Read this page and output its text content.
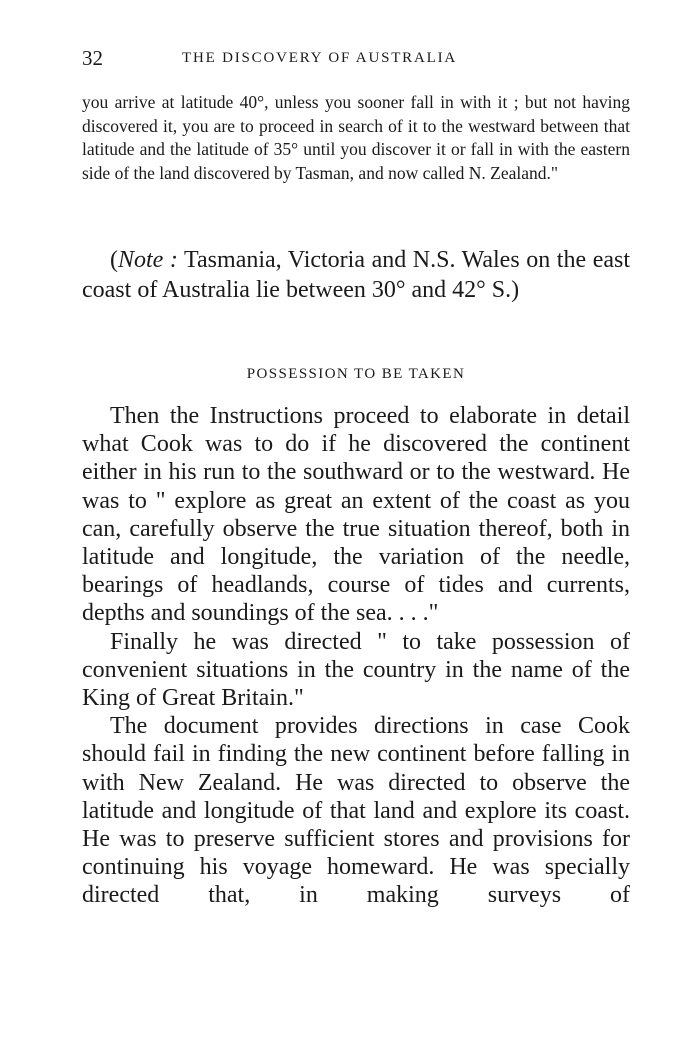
32	THE DISCOVERY OF AUSTRALIA
you arrive at latitude 40°, unless you sooner fall in with it ; but not having discovered it, you are to proceed in search of it to the westward between that latitude and the latitude of 35° until you discover it or fall in with the eastern side of the land discovered by Tasman, and now called N. Zealand."

(Note : Tasmania, Victoria and N.S. Wales on the east coast of Australia lie between 30° and 42° S.)

POSSESSION TO BE TAKEN

Then the Instructions proceed to elaborate in detail what Cook was to do if he discovered the continent either in his run to the southward or to the westward. He was to " explore as great an extent of the coast as you can, carefully observe the true situation thereof, both in latitude and longitude, the variation of the needle, bearings of headlands, course of tides and currents, depths and soundings of the sea. . . ."

Finally he was directed " to take possession of convenient situations in the country in the name of the King of Great Britain."

The document provides directions in case Cook should fail in finding the new continent before falling in with New Zealand. He was directed to observe the latitude and longitude of that land and explore its coast. He was to preserve sufficient stores and provisions for continuing his voyage homeward. He was specially directed that, in making surveys of
